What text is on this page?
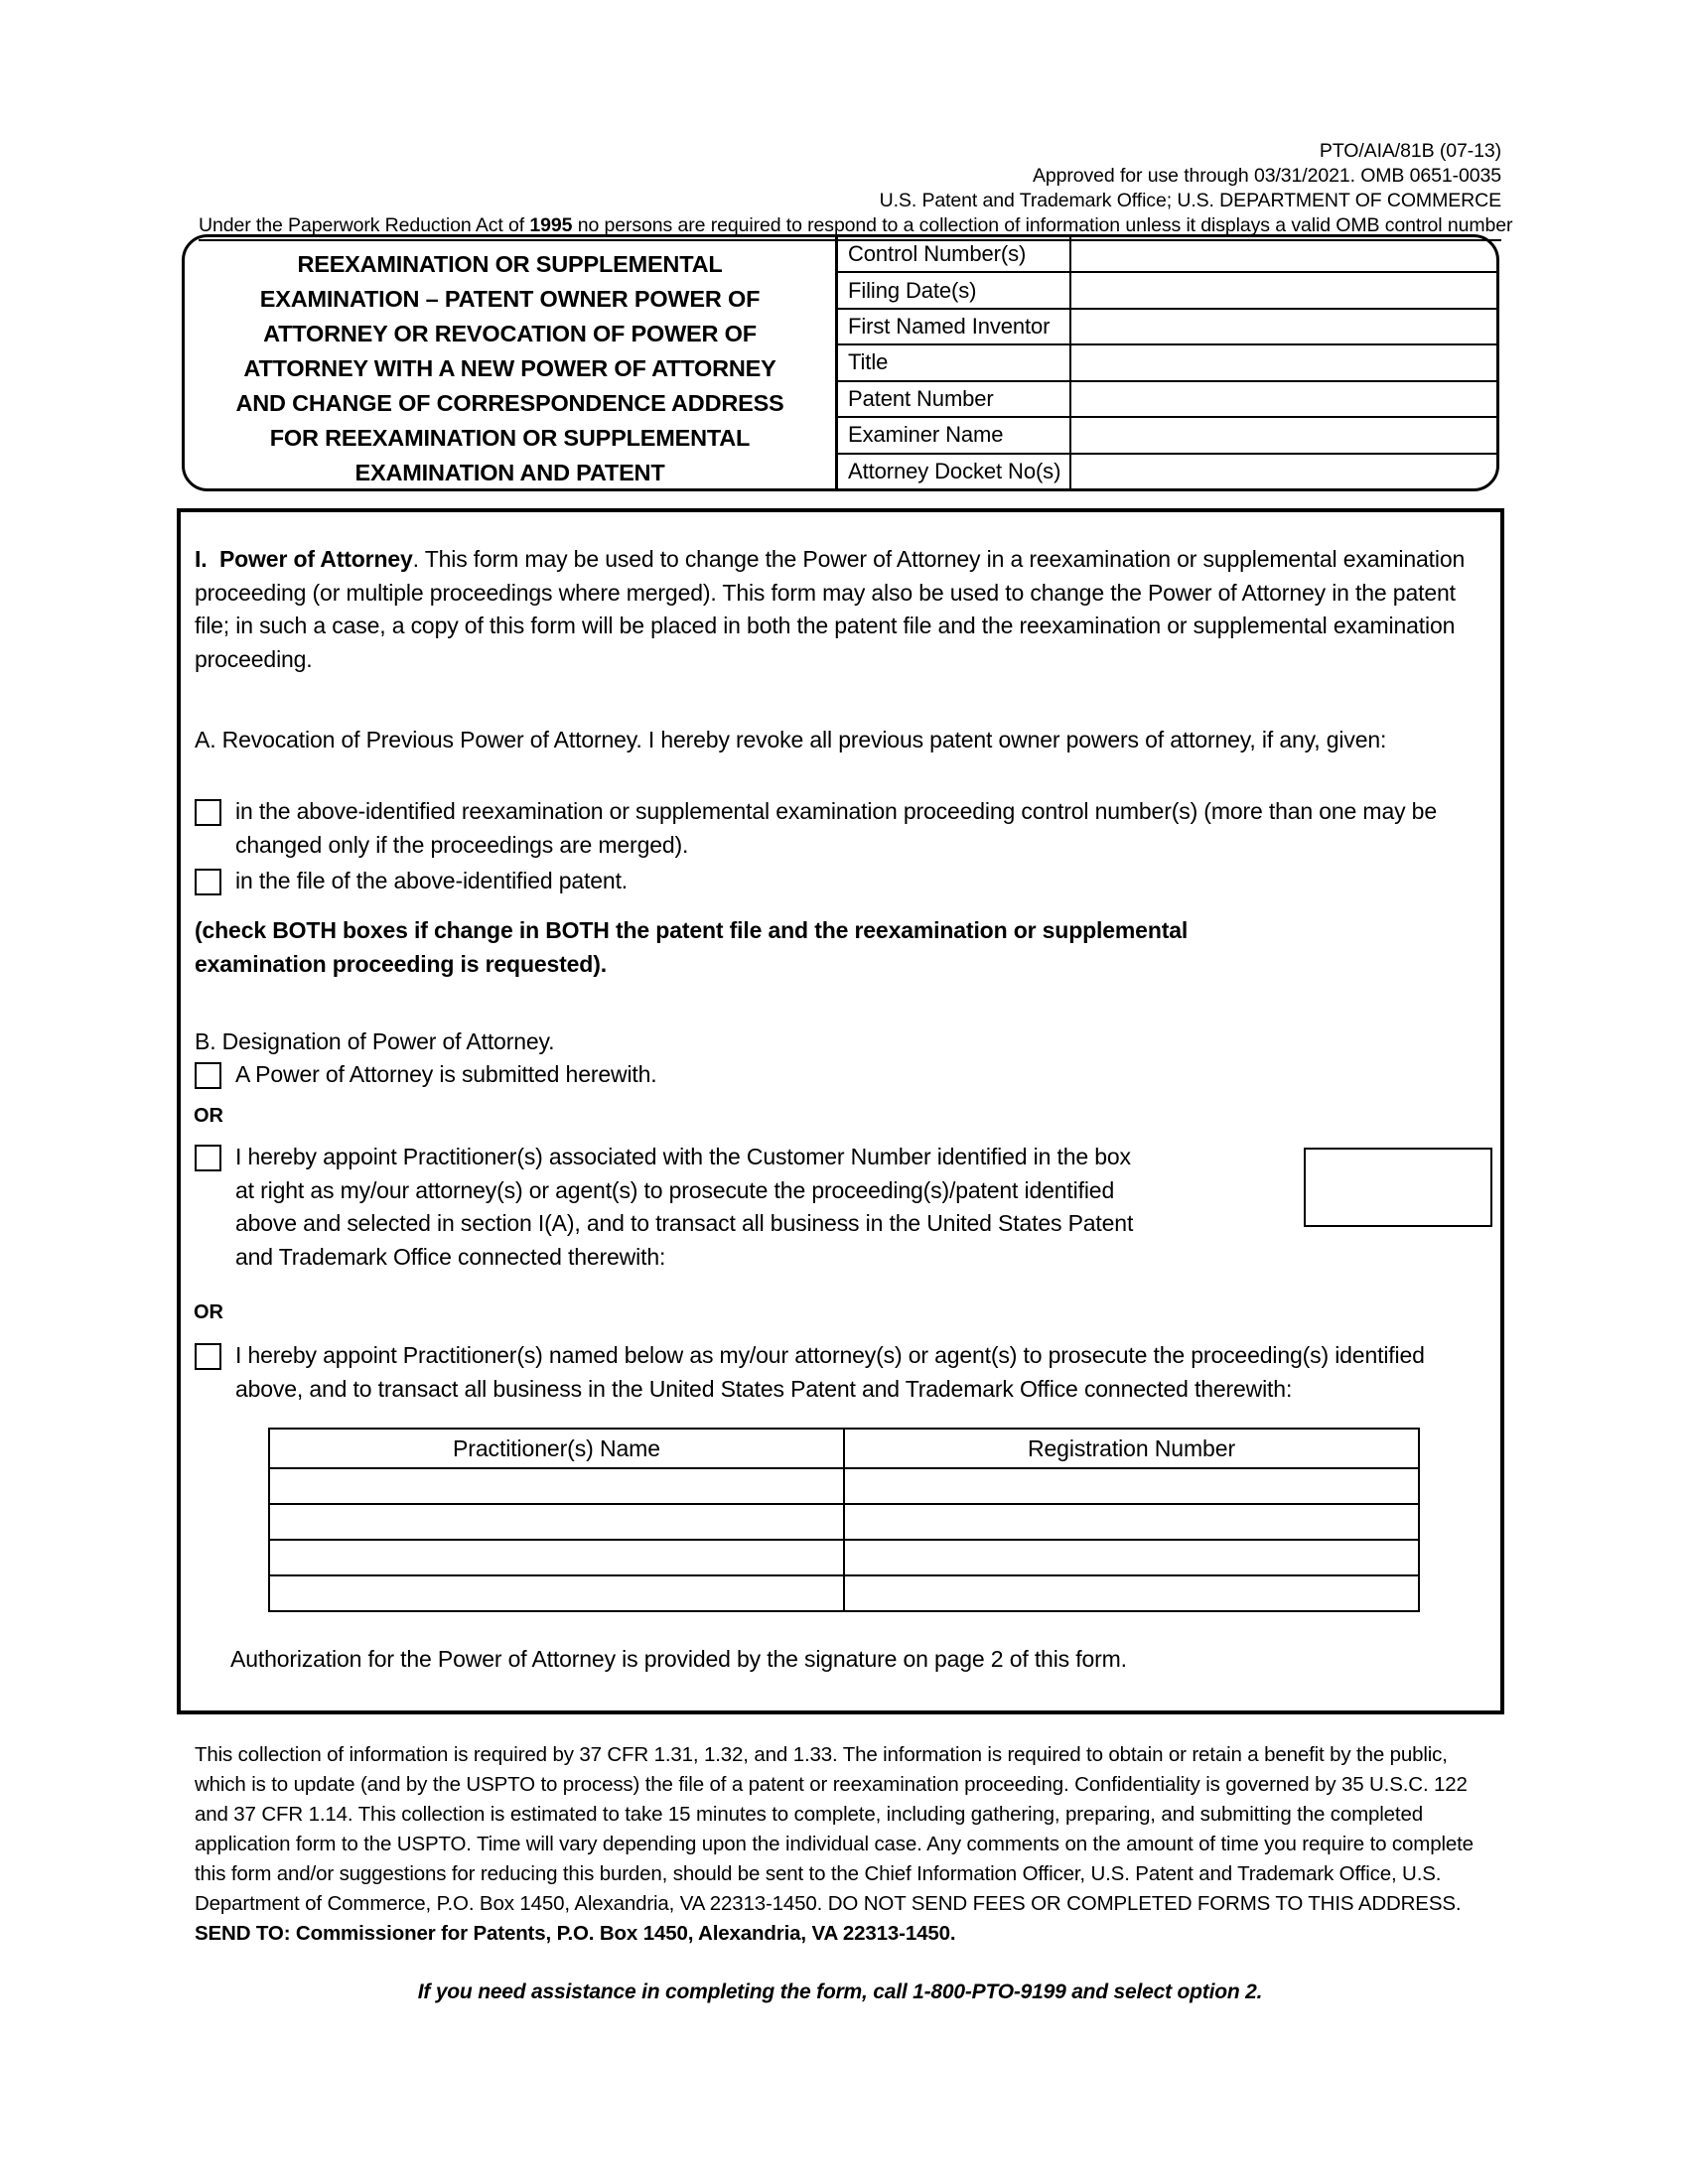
PTO/AIA/81B (07-13)
Approved for use through 03/31/2021. OMB 0651-0035
U.S. Patent and Trademark Office; U.S. DEPARTMENT OF COMMERCE
Under the Paperwork Reduction Act of 1995 no persons are required to respond to a collection of information unless it displays a valid OMB control number
REEXAMINATION OR SUPPLEMENTAL
EXAMINATION – PATENT OWNER POWER OF
ATTORNEY OR REVOCATION OF POWER OF
ATTORNEY WITH A NEW POWER OF ATTORNEY
AND CHANGE OF CORRESPONDENCE ADDRESS
FOR REEXAMINATION OR SUPPLEMENTAL
EXAMINATION AND PATENT
Control Number(s)
Filing Date(s)
First Named Inventor
Title
Patent Number
Examiner Name
Attorney Docket No(s)
I. Power of Attorney. This form may be used to change the Power of Attorney in a reexamination or supplemental examination proceeding (or multiple proceedings where merged). This form may also be used to change the Power of Attorney in the patent file; in such a case, a copy of this form will be placed in both the patent file and the reexamination or supplemental examination proceeding.
A. Revocation of Previous Power of Attorney. I hereby revoke all previous patent owner powers of attorney, if any, given:
in the above-identified reexamination or supplemental examination proceeding control number(s) (more than one may be changed only if the proceedings are merged).
in the file of the above-identified patent.
(check BOTH boxes if change in BOTH the patent file and the reexamination or supplemental examination proceeding is requested).
B. Designation of Power of Attorney.
A Power of Attorney is submitted herewith.
OR
I hereby appoint Practitioner(s) associated with the Customer Number identified in the box at right as my/our attorney(s) or agent(s) to prosecute the proceeding(s)/patent identified above and selected in section I(A), and to transact all business in the United States Patent and Trademark Office connected therewith:
OR
I hereby appoint Practitioner(s) named below as my/our attorney(s) or agent(s) to prosecute the proceeding(s) identified above, and to transact all business in the United States Patent and Trademark Office connected therewith:
Practitioner(s) Name	Registration Number

Authorization for the Power of Attorney is provided by the signature on page 2 of this form.
This collection of information is required by 37 CFR 1.31, 1.32, and 1.33. The information is required to obtain or retain a benefit by the public, which is to update (and by the USPTO to process) the file of a patent or reexamination proceeding. Confidentiality is governed by 35 U.S.C. 122 and 37 CFR 1.14. This collection is estimated to take 15 minutes to complete, including gathering, preparing, and submitting the completed application form to the USPTO. Time will vary depending upon the individual case. Any comments on the amount of time you require to complete this form and/or suggestions for reducing this burden, should be sent to the Chief Information Officer, U.S. Patent and Trademark Office, U.S. Department of Commerce, P.O. Box 1450, Alexandria, VA 22313-1450. DO NOT SEND FEES OR COMPLETED FORMS TO THIS ADDRESS. SEND TO: Commissioner for Patents, P.O. Box 1450, Alexandria, VA 22313-1450.
If you need assistance in completing the form, call 1-800-PTO-9199 and select option 2.
